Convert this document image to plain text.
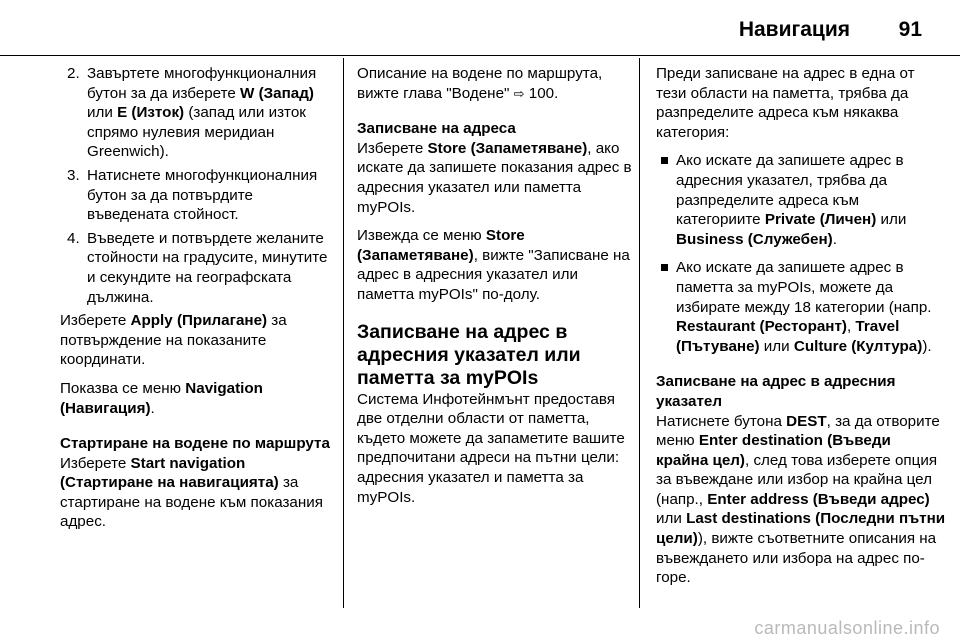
Навигация 91
2. Завъртете многофункционалния бутон за да изберете W (Запад) или E (Изток) (запад или изток спрямо нулевия меридиан Greenwich).
3. Натиснете многофункционалния бутон за да потвърдите въведената стойност.
4. Въведете и потвърдете желаните стойности на градусите, минутите и секундите на географската дължина.

Изберете Apply (Прилагане) за потвърждение на показаните координати.

Показва се меню Navigation (Навигация).

Стартиране на водене по маршрута

Изберете Start navigation (Стартиране на навигацията) за стартиране на водене към показания адрес.

Описание на водене по маршрута, вижте глава "Водене" ⇨ 100.

Записване на адреса

Изберете Store (Запаметяване), ако искате да запишете показания адрес в адресния указател или паметта myPOIs.

Извежда се меню Store (Запаметяване), вижте "Записване на адрес в адресния указател или паметта myPOIs" по-долу.

Записване на адрес в адресния указател или паметта за myPOIs

Система Инфотейнмънт предоставя две отделни области от паметта, където можете да запаметите вашите предпочитани адреси на пътни цели: адресния указател и паметта за myPOIs.

Преди записване на адрес в една от тези области на паметта, трябва да разпределите адреса към някаква категория:

Ако искате да запишете адрес в адресния указател, трябва да разпределите адреса към категориите Private (Личен) или Business (Служебен).
Ако искате да запишете адрес в паметта за myPOIs, можете да избирате между 18 категории (напр. Restaurant (Ресторант), Travel (Пътуване) или Culture (Култура)).
Записване на адрес в адресния указател

Натиснете бутона DEST, за да отворите меню Enter destination (Въведи крайна цел), след това изберете опция за въвеждане или избор на крайна цел (напр., Enter address (Въведи адрес) или Last destinations (Последни пътни цели)), вижте съответните описания на въвеждането или избора на адрес по-горе.

carmanualsonline.info
